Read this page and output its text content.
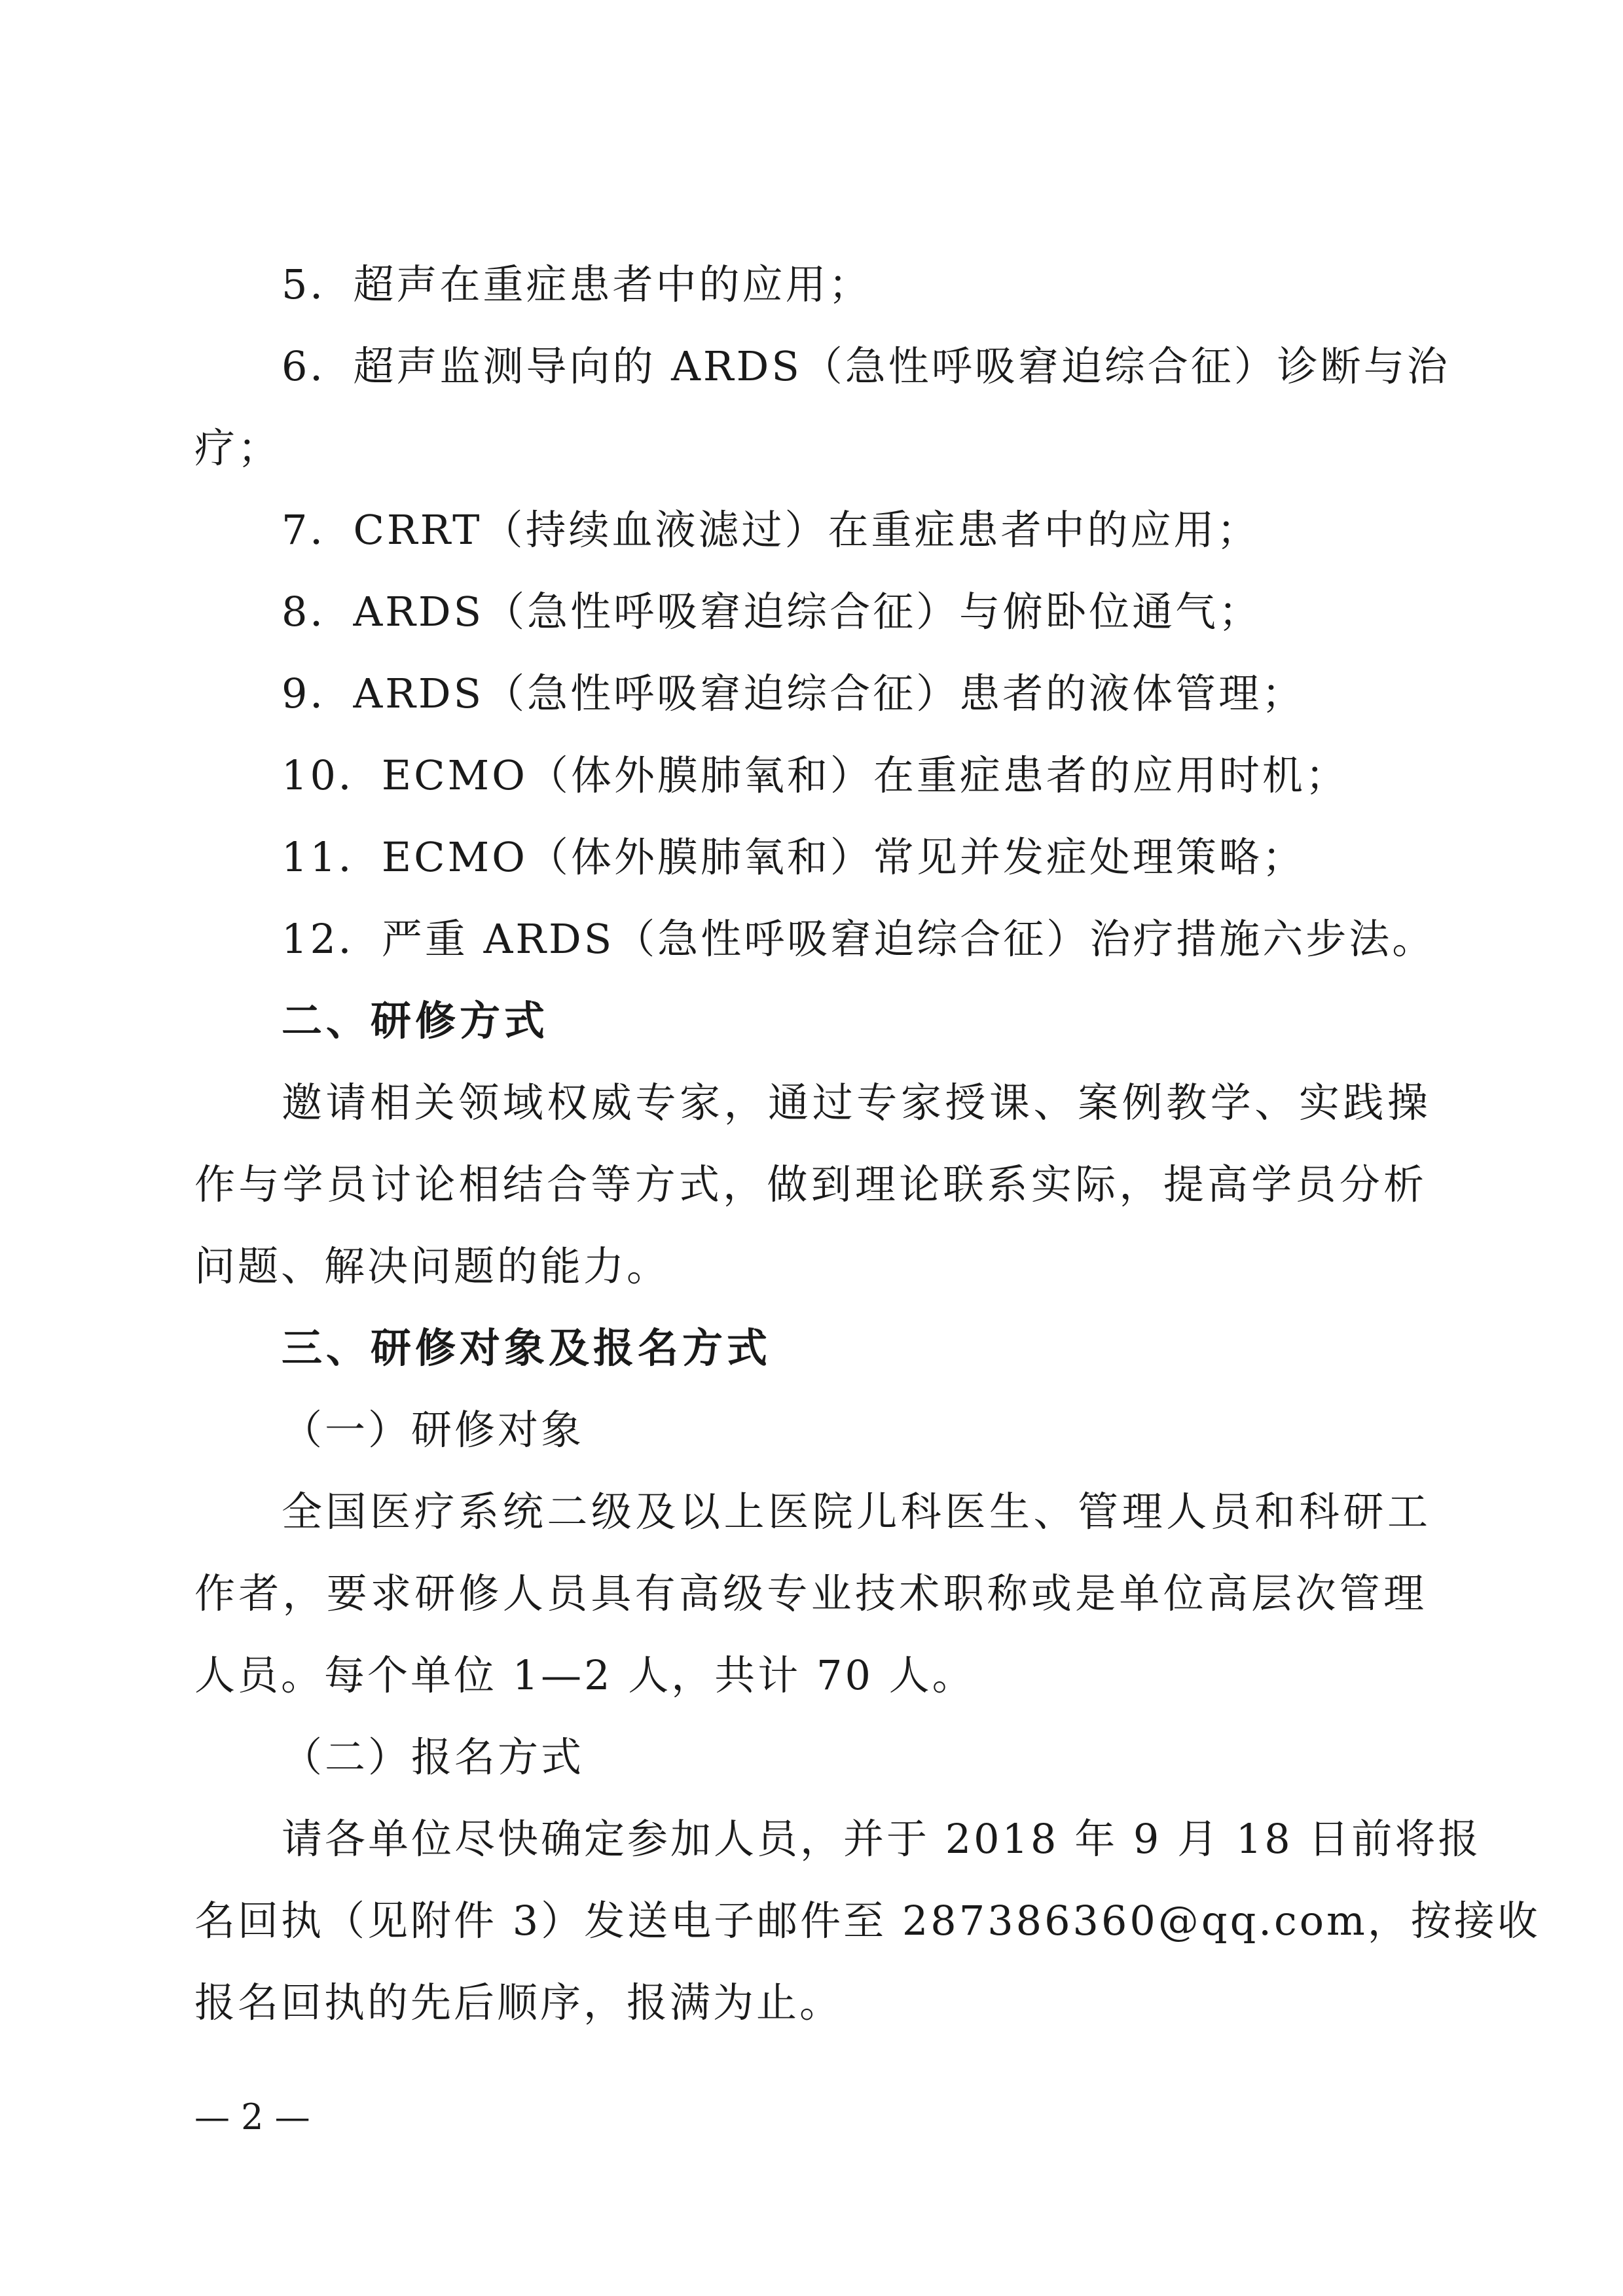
5．超声在重症患者中的应用；
6．超声监测导向的 ARDS（急性呼吸窘迫综合征）诊断与治
疗；
7．CRRT（持续血液滤过）在重症患者中的应用；
8．ARDS（急性呼吸窘迫综合征）与俯卧位通气；
9．ARDS（急性呼吸窘迫综合征）患者的液体管理；
10．ECMO（体外膜肺氧和）在重症患者的应用时机；
11．ECMO（体外膜肺氧和）常见并发症处理策略；
12．严重 ARDS（急性呼吸窘迫综合征）治疗措施六步法。
二、研修方式
邀请相关领域权威专家，通过专家授课、案例教学、实践操
作与学员讨论相结合等方式，做到理论联系实际，提高学员分析
问题、解决问题的能力。
三、研修对象及报名方式
（一）研修对象
全国医疗系统二级及以上医院儿科医生、管理人员和科研工
作者，要求研修人员具有高级专业技术职称或是单位高层次管理
人员。每个单位 1—2 人，共计 70 人。
（二）报名方式
请各单位尽快确定参加人员，并于 2018 年 9 月 18 日前将报
名回执（见附件 3）发送电子邮件至 287386360@qq.com，按接收
报名回执的先后顺序，报满为止。
— 2 —
